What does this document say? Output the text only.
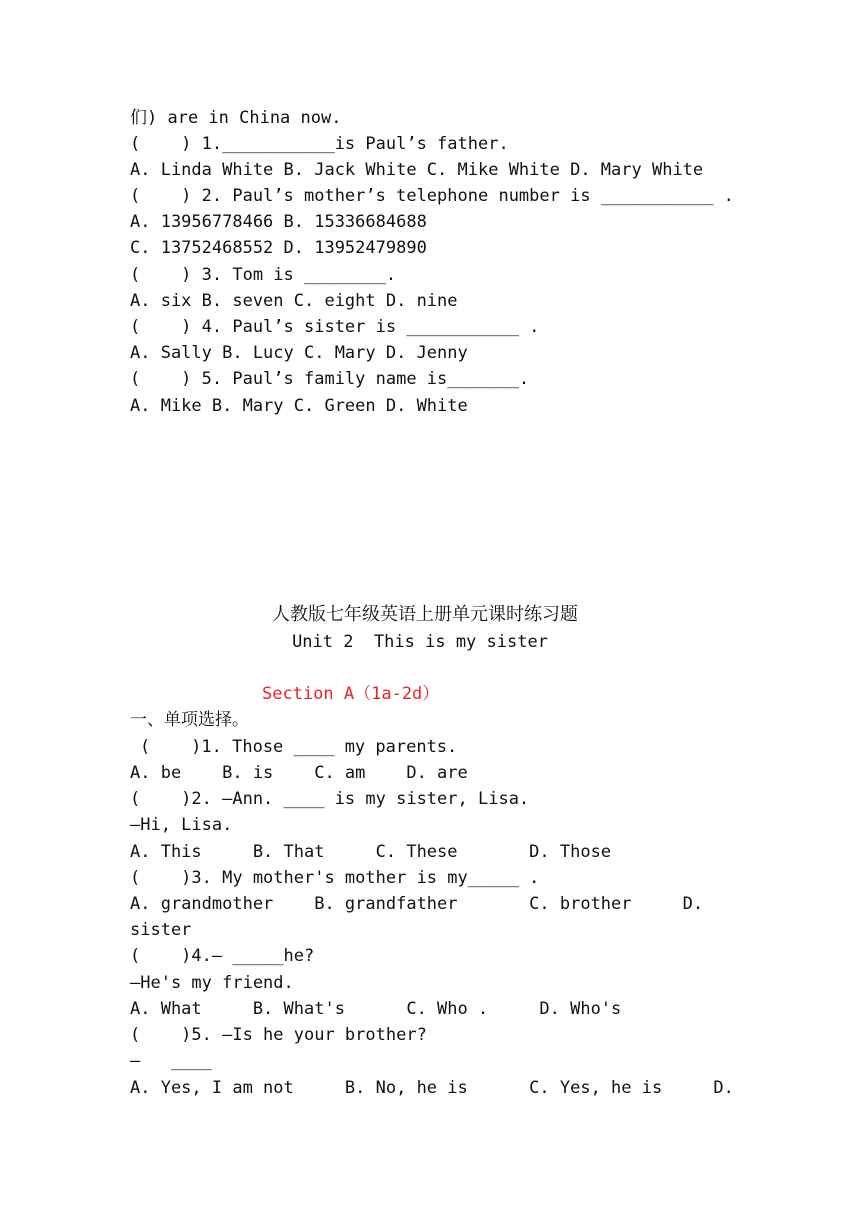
们) are in China now.
(    ) 1.___________is Paul’s father.
A. Linda White B. Jack White C. Mike White D. Mary White
(    ) 2. Paul’s mother’s telephone number is ___________ .
A. 13956778466 B. 15336684688
C. 13752468552 D. 13952479890
(    ) 3. Tom is ________.
A. six B. seven C. eight D. nine
(    ) 4. Paul’s sister is ___________ .
A. Sally B. Lucy C. Mary D. Jenny
(    ) 5. Paul’s family name is_______.
A. Mike B. Mary C. Green D. White
人教版七年级英语上册单元课时练习题
Unit 2  This is my sister
Section A（1a-2d）
一、单项选择。
(    )1. Those ____ my parents.
A. be    B. is    C. am    D. are
(    )2. —Ann. ____ is my sister, Lisa.
—Hi, Lisa.
A. This     B. That     C. These       D. Those
(    )3. My mother's mother is my_____ .
A. grandmother    B. grandfather       C. brother     D.
sister
(    )4.— _____he?
—He's my friend.
A. What     B. What's      C. Who .     D. Who's
(    )5. —Is he your brother?
—   ____
A. Yes, I am not     B. No, he is      C. Yes, he is     D.
